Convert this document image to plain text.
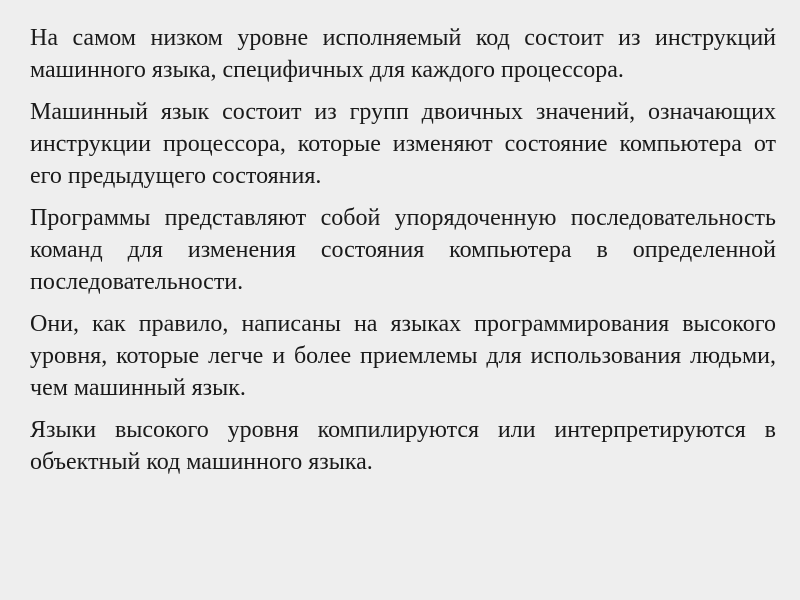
На самом низком уровне исполняемый код состоит из инструкций машинного языка, специфичных для каждого процессора.

Машинный язык состоит из групп двоичных значений, означающих инструкции процессора, которые изменяют состояние компьютера от его предыдущего состояния.

Программы представляют собой упорядоченную последовательность команд для изменения состояния компьютера в определенной последовательности.

Они, как правило, написаны на языках программирования высокого уровня, которые легче и более приемлемы для использования людьми, чем машинный язык.

Языки высокого уровня компилируются или интерпретируются в объектный код машинного языка.
